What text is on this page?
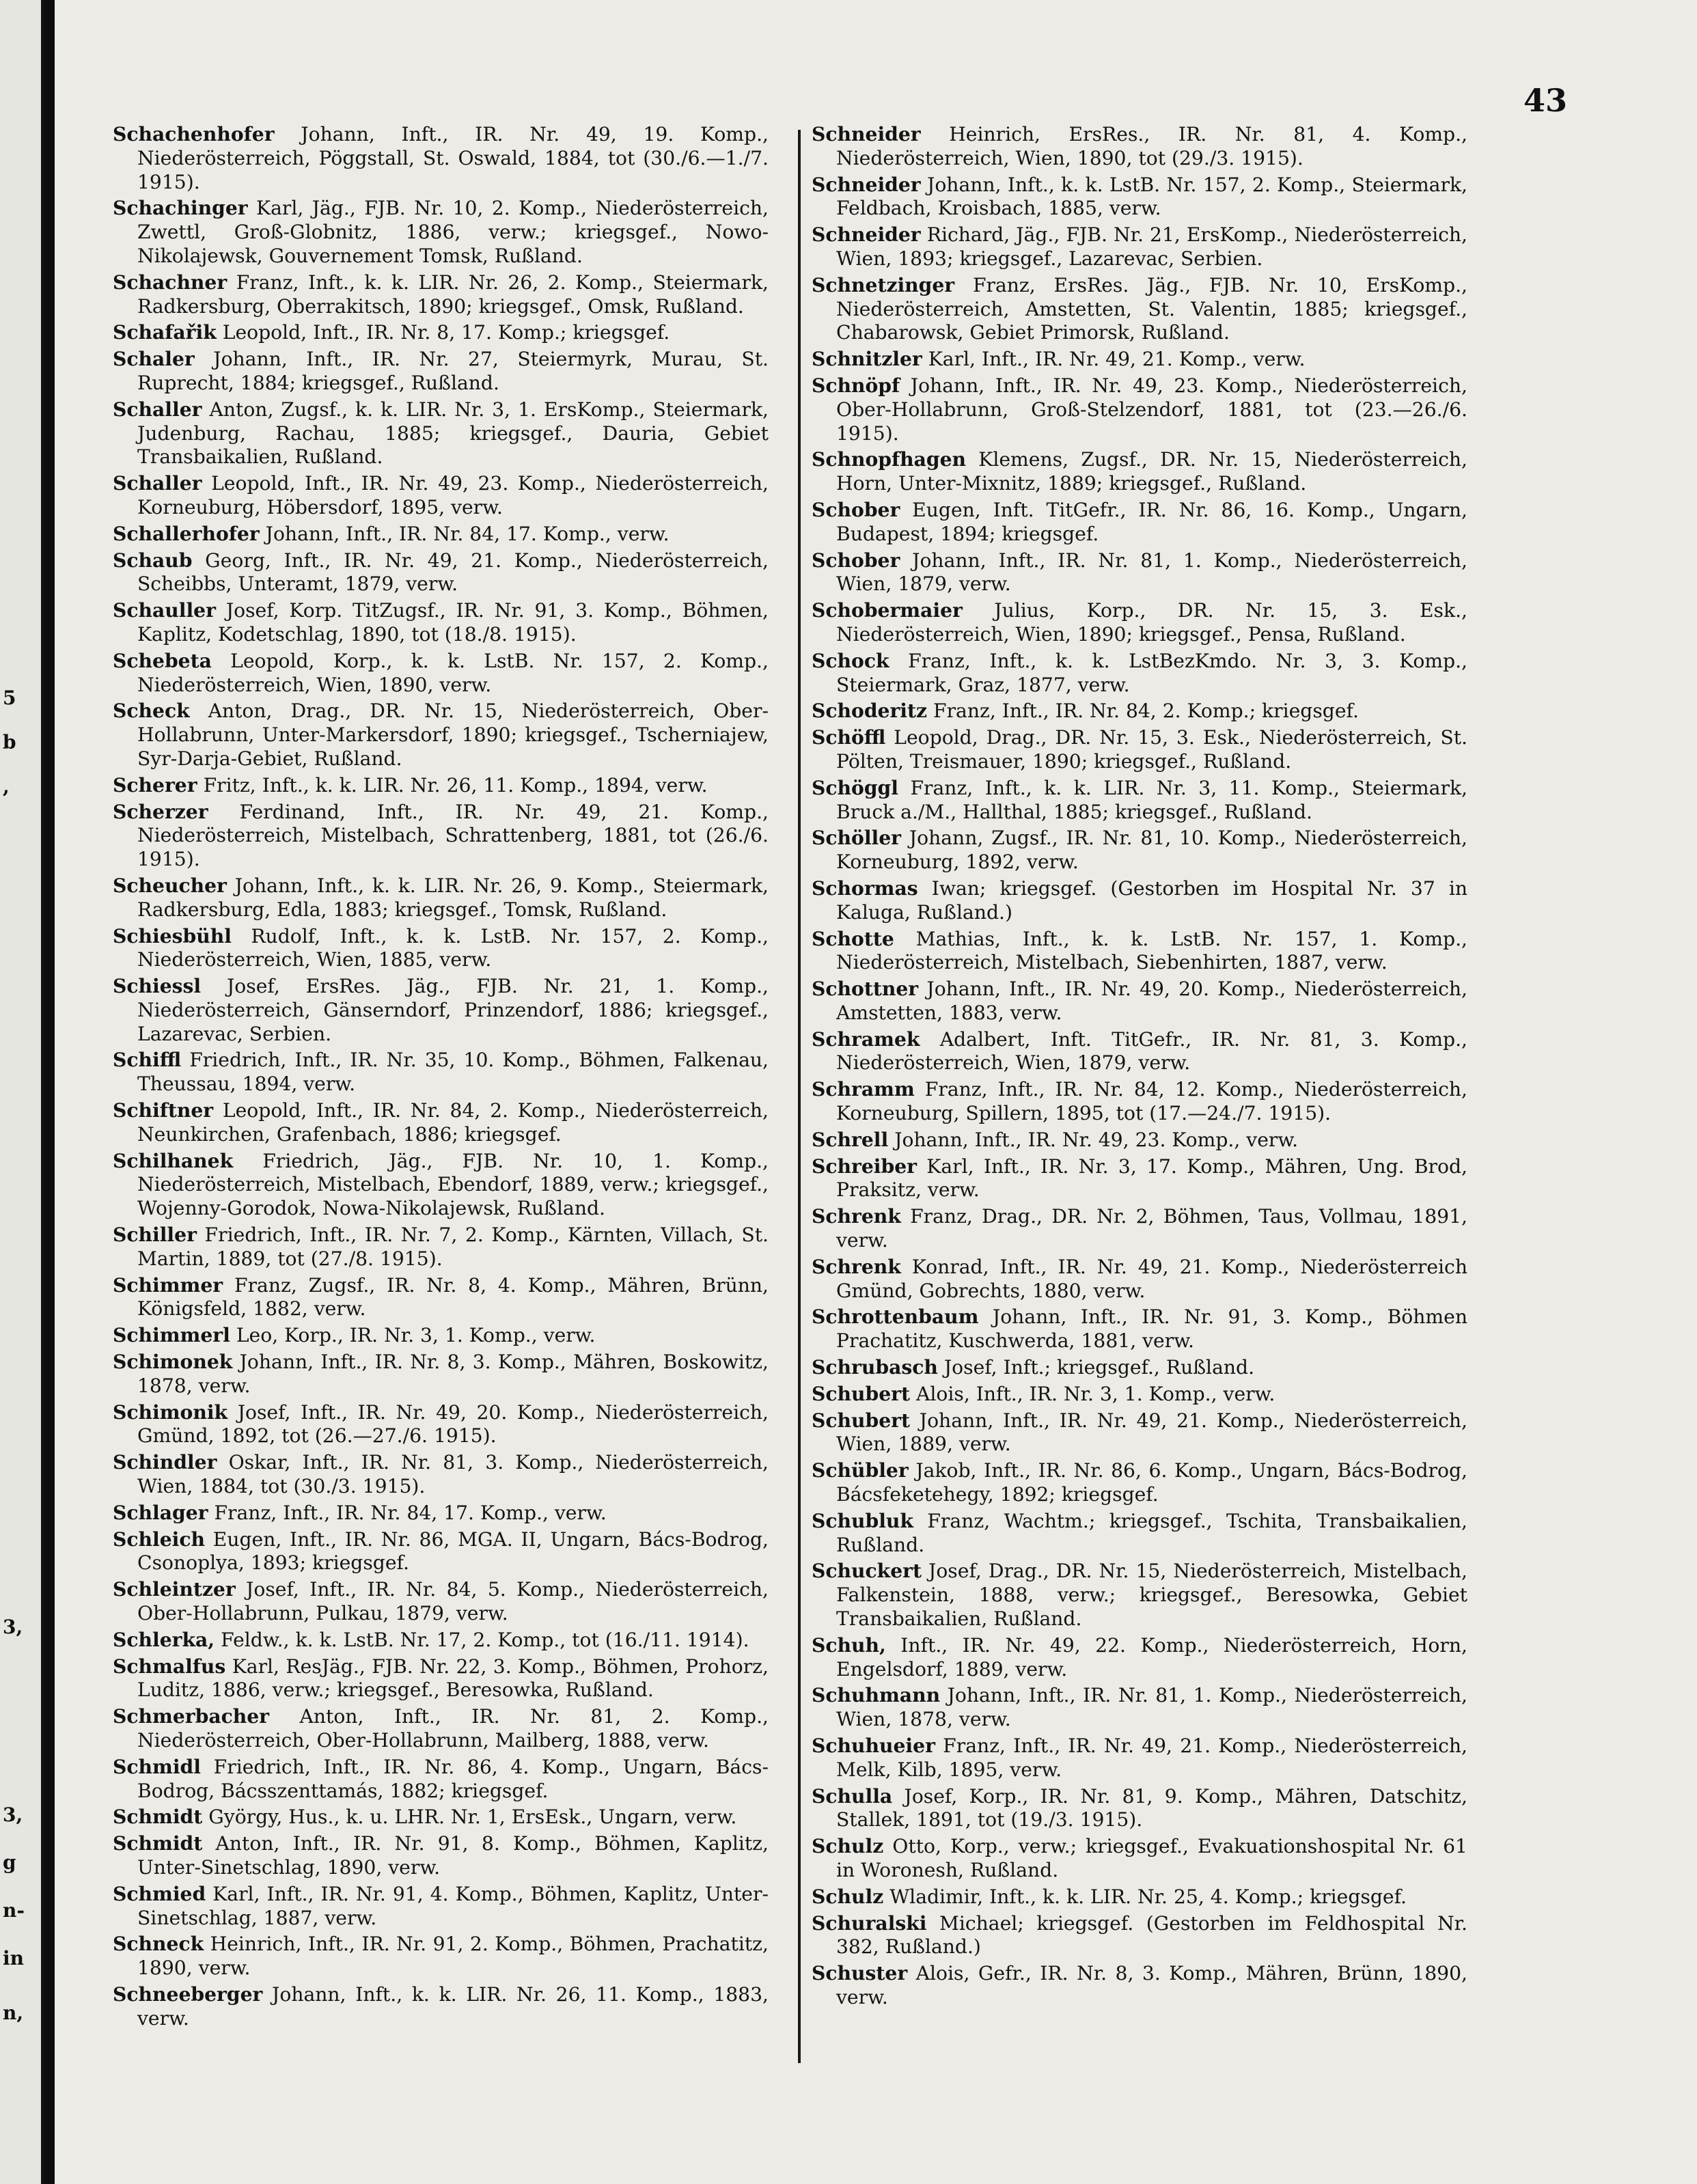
5
b
,
3,
3,
g
n-
in
n,
43

Schachenhofer Johann, Inft., IR. Nr. 49, 19. Komp., Niederösterreich, Pöggstall, St. Oswald, 1884, tot (30./6.—1./7. 1915).

Schachinger Karl, Jäg., FJB. Nr. 10, 2. Komp., Niederösterreich, Zwettl, Groß-Globnitz, 1886, verw.; kriegsgef., Nowo-Nikolajewsk, Gouvernement Tomsk, Rußland.

Schachner Franz, Inft., k. k. LIR. Nr. 26, 2. Komp., Steiermark, Radkersburg, Oberrakitsch, 1890; kriegsgef., Omsk, Rußland.

Schafařik Leopold, Inft., IR. Nr. 8, 17. Komp.; kriegsgef.

Schaler Johann, Inft., IR. Nr. 27, Steiermyrk, Murau, St. Ruprecht, 1884; kriegsgef., Rußland.

Schaller Anton, Zugsf., k. k. LIR. Nr. 3, 1. ErsKomp., Steiermark, Judenburg, Rachau, 1885; kriegsgef., Dauria, Gebiet Transbaikalien, Rußland.

Schaller Leopold, Inft., IR. Nr. 49, 23. Komp., Niederösterreich, Korneuburg, Höbersdorf, 1895, verw.

Schallerhofer Johann, Inft., IR. Nr. 84, 17. Komp., verw.

Schaub Georg, Inft., IR. Nr. 49, 21. Komp., Niederösterreich, Scheibbs, Unteramt, 1879, verw.

Schauller Josef, Korp. TitZugsf., IR. Nr. 91, 3. Komp., Böhmen, Kaplitz, Kodetschlag, 1890, tot (18./8. 1915).

Schebeta Leopold, Korp., k. k. LstB. Nr. 157, 2. Komp., Niederösterreich, Wien, 1890, verw.

Scheck Anton, Drag., DR. Nr. 15, Niederösterreich, Ober-Hollabrunn, Unter-Markersdorf, 1890; kriegsgef., Tscherniajew, Syr-Darja-Gebiet, Rußland.

Scherer Fritz, Inft., k. k. LIR. Nr. 26, 11. Komp., 1894, verw.

Scherzer Ferdinand, Inft., IR. Nr. 49, 21. Komp., Niederösterreich, Mistelbach, Schrattenberg, 1881, tot (26./6. 1915).

Scheucher Johann, Inft., k. k. LIR. Nr. 26, 9. Komp., Steiermark, Radkersburg, Edla, 1883; kriegsgef., Tomsk, Rußland.

Schiesbühl Rudolf, Inft., k. k. LstB. Nr. 157, 2. Komp., Niederösterreich, Wien, 1885, verw.

Schiessl Josef, ErsRes. Jäg., FJB. Nr. 21, 1. Komp., Niederösterreich, Gänserndorf, Prinzendorf, 1886; kriegsgef., Lazarevac, Serbien.

Schiffl Friedrich, Inft., IR. Nr. 35, 10. Komp., Böhmen, Falkenau, Theussau, 1894, verw.

Schiftner Leopold, Inft., IR. Nr. 84, 2. Komp., Niederösterreich, Neunkirchen, Grafenbach, 1886; kriegsgef.

Schilhanek Friedrich, Jäg., FJB. Nr. 10, 1. Komp., Niederösterreich, Mistelbach, Ebendorf, 1889, verw.; kriegsgef., Wojenny-Gorodok, Nowa-Nikolajewsk, Rußland.

Schiller Friedrich, Inft., IR. Nr. 7, 2. Komp., Kärnten, Villach, St. Martin, 1889, tot (27./8. 1915).

Schimmer Franz, Zugsf., IR. Nr. 8, 4. Komp., Mähren, Brünn, Königsfeld, 1882, verw.

Schimmerl Leo, Korp., IR. Nr. 3, 1. Komp., verw.

Schimonek Johann, Inft., IR. Nr. 8, 3. Komp., Mähren, Boskowitz, 1878, verw.

Schimonik Josef, Inft., IR. Nr. 49, 20. Komp., Niederösterreich, Gmünd, 1892, tot (26.—27./6. 1915).

Schindler Oskar, Inft., IR. Nr. 81, 3. Komp., Niederösterreich, Wien, 1884, tot (30./3. 1915).

Schlager Franz, Inft., IR. Nr. 84, 17. Komp., verw.

Schleich Eugen, Inft., IR. Nr. 86, MGA. II, Ungarn, Bács-Bodrog, Csonoplya, 1893; kriegsgef.

Schleintzer Josef, Inft., IR. Nr. 84, 5. Komp., Niederösterreich, Ober-Hollabrunn, Pulkau, 1879, verw.

Schlerka, Feldw., k. k. LstB. Nr. 17, 2. Komp., tot (16./11. 1914).

Schmalfus Karl, ResJäg., FJB. Nr. 22, 3. Komp., Böhmen, Prohorz, Luditz, 1886, verw.; kriegsgef., Beresowka, Rußland.

Schmerbacher Anton, Inft., IR. Nr. 81, 2. Komp., Niederösterreich, Ober-Hollabrunn, Mailberg, 1888, verw.

Schmidl Friedrich, Inft., IR. Nr. 86, 4. Komp., Ungarn, Bács-Bodrog, Bácsszenttamás, 1882; kriegsgef.

Schmidt György, Hus., k. u. LHR. Nr. 1, ErsEsk., Ungarn, verw.

Schmidt Anton, Inft., IR. Nr. 91, 8. Komp., Böhmen, Kaplitz, Unter-Sinetschlag, 1890, verw.

Schmied Karl, Inft., IR. Nr. 91, 4. Komp., Böhmen, Kaplitz, Unter-Sinetschlag, 1887, verw.

Schneck Heinrich, Inft., IR. Nr. 91, 2. Komp., Böhmen, Prachatitz, 1890, verw.

Schneeberger Johann, Inft., k. k. LIR. Nr. 26, 11. Komp., 1883, verw.

Schneider Heinrich, ErsRes., IR. Nr. 81, 4. Komp., Niederösterreich, Wien, 1890, tot (29./3. 1915).

Schneider Johann, Inft., k. k. LstB. Nr. 157, 2. Komp., Steiermark, Feldbach, Kroisbach, 1885, verw.

Schneider Richard, Jäg., FJB. Nr. 21, ErsKomp., Niederösterreich, Wien, 1893; kriegsgef., Lazarevac, Serbien.

Schnetzinger Franz, ErsRes. Jäg., FJB. Nr. 10, ErsKomp., Niederösterreich, Amstetten, St. Valentin, 1885; kriegsgef., Chabarowsk, Gebiet Primorsk, Rußland.

Schnitzler Karl, Inft., IR. Nr. 49, 21. Komp., verw.

Schnöpf Johann, Inft., IR. Nr. 49, 23. Komp., Niederösterreich, Ober-Hollabrunn, Groß-Stelzendorf, 1881, tot (23.—26./6. 1915).

Schnopfhagen Klemens, Zugsf., DR. Nr. 15, Niederösterreich, Horn, Unter-Mixnitz, 1889; kriegsgef., Rußland.

Schober Eugen, Inft. TitGefr., IR. Nr. 86, 16. Komp., Ungarn, Budapest, 1894; kriegsgef.

Schober Johann, Inft., IR. Nr. 81, 1. Komp., Niederösterreich, Wien, 1879, verw.

Schobermaier Julius, Korp., DR. Nr. 15, 3. Esk., Niederösterreich, Wien, 1890; kriegsgef., Pensa, Rußland.

Schock Franz, Inft., k. k. LstBezKmdo. Nr. 3, 3. Komp., Steiermark, Graz, 1877, verw.

Schoderitz Franz, Inft., IR. Nr. 84, 2. Komp.; kriegsgef.

Schöffl Leopold, Drag., DR. Nr. 15, 3. Esk., Niederösterreich, St. Pölten, Treismauer, 1890; kriegsgef., Rußland.

Schöggl Franz, Inft., k. k. LIR. Nr. 3, 11. Komp., Steiermark, Bruck a./M., Hallthal, 1885; kriegsgef., Rußland.

Schöller Johann, Zugsf., IR. Nr. 81, 10. Komp., Niederösterreich, Korneuburg, 1892, verw.

Schormas Iwan; kriegsgef. (Gestorben im Hospital Nr. 37 in Kaluga, Rußland.)

Schotte Mathias, Inft., k. k. LstB. Nr. 157, 1. Komp., Niederösterreich, Mistelbach, Siebenhirten, 1887, verw.

Schottner Johann, Inft., IR. Nr. 49, 20. Komp., Niederösterreich, Amstetten, 1883, verw.

Schramek Adalbert, Inft. TitGefr., IR. Nr. 81, 3. Komp., Niederösterreich, Wien, 1879, verw.

Schramm Franz, Inft., IR. Nr. 84, 12. Komp., Niederösterreich, Korneuburg, Spillern, 1895, tot (17.—24./7. 1915).

Schrell Johann, Inft., IR. Nr. 49, 23. Komp., verw.

Schreiber Karl, Inft., IR. Nr. 3, 17. Komp., Mähren, Ung. Brod, Praksitz, verw.

Schrenk Franz, Drag., DR. Nr. 2, Böhmen, Taus, Vollmau, 1891, verw.

Schrenk Konrad, Inft., IR. Nr. 49, 21. Komp., Niederösterreich Gmünd, Gobrechts, 1880, verw.

Schrottenbaum Johann, Inft., IR. Nr. 91, 3. Komp., Böhmen Prachatitz, Kuschwerda, 1881, verw.

Schrubasch Josef, Inft.; kriegsgef., Rußland.

Schubert Alois, Inft., IR. Nr. 3, 1. Komp., verw.

Schubert Johann, Inft., IR. Nr. 49, 21. Komp., Niederösterreich, Wien, 1889, verw.

Schübler Jakob, Inft., IR. Nr. 86, 6. Komp., Ungarn, Bács-Bodrog, Bácsfeketehegy, 1892; kriegsgef.

Schubluk Franz, Wachtm.; kriegsgef., Tschita, Transbaikalien, Rußland.

Schuckert Josef, Drag., DR. Nr. 15, Niederösterreich, Mistelbach, Falkenstein, 1888, verw.; kriegsgef., Beresowka, Gebiet Transbaikalien, Rußland.

Schuh, Inft., IR. Nr. 49, 22. Komp., Niederösterreich, Horn, Engelsdorf, 1889, verw.

Schuhmann Johann, Inft., IR. Nr. 81, 1. Komp., Niederösterreich, Wien, 1878, verw.

Schuhueier Franz, Inft., IR. Nr. 49, 21. Komp., Niederösterreich, Melk, Kilb, 1895, verw.

Schulla Josef, Korp., IR. Nr. 81, 9. Komp., Mähren, Datschitz, Stallek, 1891, tot (19./3. 1915).

Schulz Otto, Korp., verw.; kriegsgef., Evakuationshospital Nr. 61 in Woronesh, Rußland.

Schulz Wladimir, Inft., k. k. LIR. Nr. 25, 4. Komp.; kriegsgef.

Schuralski Michael; kriegsgef. (Gestorben im Feldhospital Nr. 382, Rußland.)

Schuster Alois, Gefr., IR. Nr. 8, 3. Komp., Mähren, Brünn, 1890, verw.
